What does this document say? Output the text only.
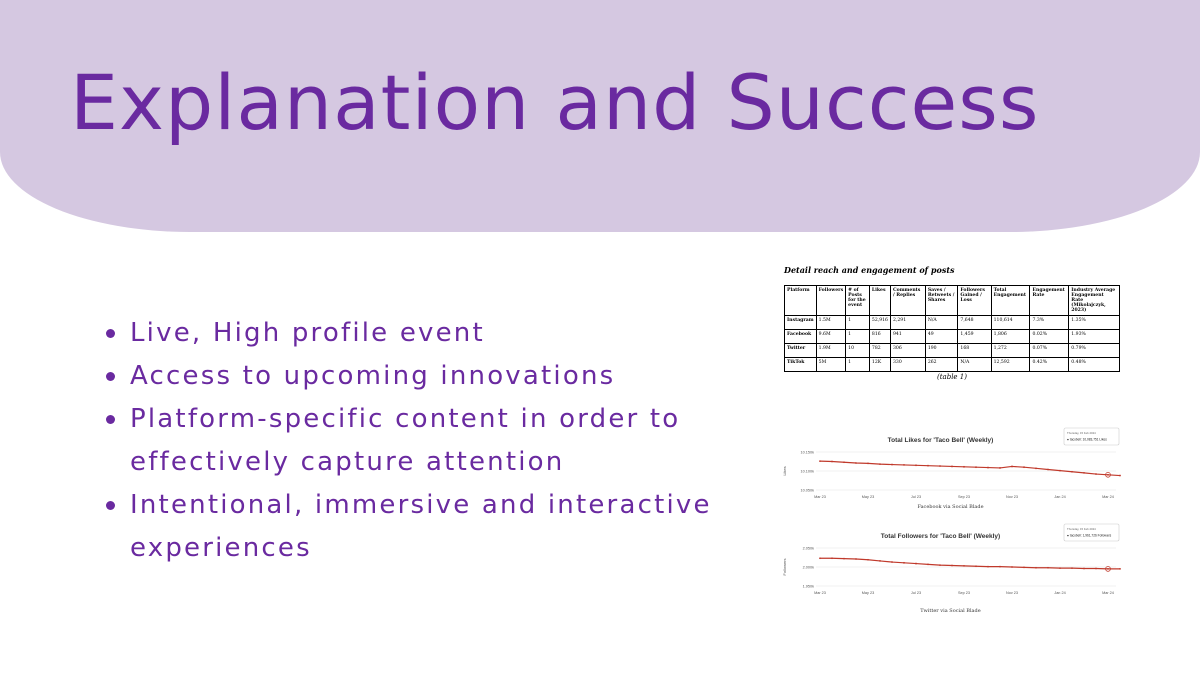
Explanation and Success
Live, High profile event
Access to upcoming innovations
Platform-specific content in order to effectively capture attention
Intentional, immersive and interactive experiences
Detail reach and engagement of posts
Platform	Followers	# of Posts for the event	Likes	Comments / Replies	Saves / Retweets / Shares	Followers Gained / Loss	Total Engagement	Engagement Rate	Industry Average Engagement Rate (Mikolajczyk, 2023)
Instagram	1.5M	1	52,916	2,291	N/A	7,648	110,614	7.3%	1.35%
Facebook	9.6M	1	816	941	49	1,459	1,806	0.02%	1.93%
Twitter	1.9M	10	782	306	190	168	1,272	0.07%	0.79%
TikTok	5M	1	12K	330	262	N/A	12,592	0.42%	0.48%
(table 1)
Total Likes for 'Taco Bell' (Weekly)
10.150k
10.100k
10.050k
Likes
Mar 23	May 23	Jul 23	Sep 23	Nov 23	Jan 24	Mar 24
Thursday, 15 Feb 2024
● tacobell: 10,083,751 Likes
Facebook via Social Blade
Total Followers for 'Taco Bell' (Weekly)
2.050k
2.000k
1.950k
Followers
Mar 23	May 23	Jul 23	Sep 23	Nov 23	Jan 24	Mar 24
Thursday, 15 Feb 2024
● tacobell: 1,961,726 Followers
Twitter via Social Blade
